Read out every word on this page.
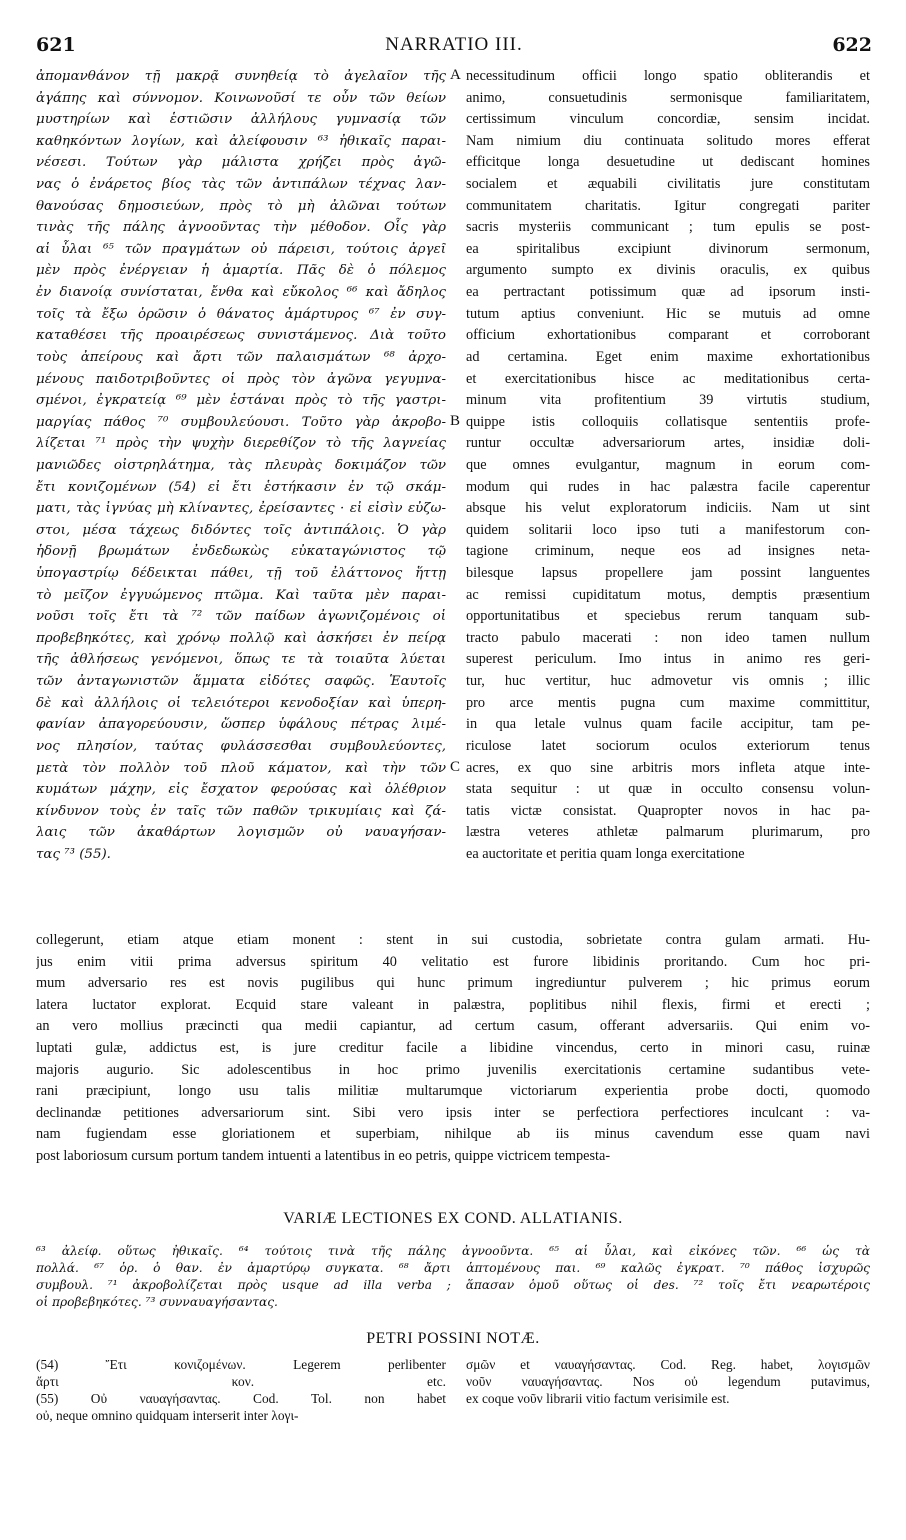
621	NARRATIO III.	622
ἀπομανθάνον τῇ μακρᾷ συνηθείᾳ τὸ ἀγελαῖον τῆς
ἀγάπης καὶ σύννομον. Κοινωνοῦσί τε οὖν τῶν θείων
μυστηρίων καὶ ἑστιῶσιν ἀλλήλους γυμνασίᾳ τῶν
καθηκόντων λογίων, καὶ ἀλείφουσιν ⁶³ ἠθικαῖς παραι-
νέσεσι. Τούτων γὰρ μάλιστα χρήζει πρὸς ἀγῶ-
νας ὁ ἐνάρετος βίος τὰς τῶν ἀντιπάλων τέχνας λαν-
θανούσας δημοσιεύων, πρὸς τὸ μὴ ἀλῶναι τούτων
τινὰς τῆς πάλης ἀγνοοῦντας τὴν μέθοδον. Οἷς γὰρ
αἱ ὗλαι ⁶⁵ τῶν πραγμάτων οὐ πάρεισι, τούτοις ἀργεῖ
μὲν πρὸς ἐνέργειαν ἡ ἁμαρτία. Πᾶς δὲ ὁ πόλεμος
ἐν διανοίᾳ συνίσταται, ἔνθα καὶ εὔκολος ⁶⁶ καὶ ἄδηλος
τοῖς τὰ ἔξω ὁρῶσιν ὁ θάνατος ἁμάρτυρος ⁶⁷ ἐν συγ-
καταθέσει τῆς προαιρέσεως συνιστάμενος. Διὰ τοῦτο
τοὺς ἀπείρους καὶ ἄρτι τῶν παλαισμάτων ⁶⁸ ἀρχο-
μένους παιδοτριβοῦντες οἱ πρὸς τὸν ἀγῶνα γεγυμνα-
σμένοι, ἐγκρατείᾳ ⁶⁹ μὲν ἑστάναι πρὸς τὸ τῆς γαστρι-
μαργίας πάθος ⁷⁰ συμβουλεύουσι. Τοῦτο γὰρ ἀκροβο-
λίζεται ⁷¹ πρὸς τὴν ψυχὴν διερεθίζον τὸ τῆς λαγνείας
μανιῶδες οἰστρηλάτημα, τὰς πλευρὰς δοκιμάζον τῶν
ἔτι κονιζομένων (54) εἰ ἔτι ἑστήκασιν ἐν τῷ σκάμ-
ματι, τὰς ἰγνύας μὴ κλίναντες, ἐρείσαντες · εἰ εἰσὶν εὐζω-
στοι, μέσα τάχεως διδόντες τοῖς ἀντιπάλοις. Ὁ γὰρ
ἡδονῇ βρωμάτων ἐνδεδωκὼς εὐκαταγώνιστος τῷ
ὑπογαστρίῳ δέδεικται πάθει, τῇ τοῦ ἐλάττονος ἥττῃ
τὸ μεῖζον ἐγγυώμενος πτῶμα. Καὶ ταῦτα μὲν παραι-
νοῦσι τοῖς ἔτι τὰ ⁷² τῶν παίδων ἀγωνιζομένοις οἱ
προβεβηκότες, καὶ χρόνῳ πολλῷ καὶ ἀσκήσει ἐν πείρᾳ
τῆς ἀθλήσεως γενόμενοι, ὅπως τε τὰ τοιαῦτα λύεται
τῶν ἀνταγωνιστῶν ἅμματα εἰδότες σαφῶς. Ἑαυτοῖς
δὲ καὶ ἀλλήλοις οἱ τελειότεροι κενοδοξίαν καὶ ὑπερη-
φανίαν ἀπαγορεύουσιν, ὥσπερ ὑφάλους πέτρας λιμέ-
νος πλησίον, ταύτας φυλάσσεσθαι συμβουλεύοντες,
μετὰ τὸν πολλὸν τοῦ πλοῦ κάματον, καὶ τὴν τῶν
κυμάτων μάχην, εἰς ἔσχατον φερούσας καὶ ὀλέθριον
κίνδυνον τοὺς ἐν ταῖς τῶν παθῶν τρικυμίαις καὶ ζά-
λαις τῶν ἀκαθάρτων λογισμῶν οὐ ναυαγήσαν-
τας ⁷³ (55).
necessitudinum officii longo spatio obliterandis et
animo, consuetudinis sermonisque familiaritatem,
certissimum vinculum concordiæ, sensim incidat.
Nam nimium diu continuata solitudo mores efferat
efficitque longa desuetudine ut dediscant homines
socialem et æquabili civilitatis jure constitutam
communitatem charitatis. Igitur congregati pariter
sacris mysteriis communicant ; tum epulis se post-
ea spiritalibus excipiunt divinorum sermonum,
argumento sumpto ex divinis oraculis, ex quibus
ea pertractant potissimum quæ ad ipsorum insti-
tutum aptius conveniunt. Hic se mutuis ad omne
officium exhortationibus comparant et corroborant
ad certamina. Eget enim maxime exhortationibus
et exercitationibus hisce ac meditationibus certa-
minum vita profitentium 39 virtutis studium,
quippe istis colloquiis collatisque sententiis profe-
runtur occultæ adversariorum artes, insidiæ doli-
que omnes evulgantur, magnum in eorum com-
modum qui rudes in hac palæstra facile caperentur
absque his velut exploratorum indiciis. Nam ut sint
quidem solitarii loco ipso tuti a manifestorum con-
tagione criminum, neque eos ad insignes neta-
bilesque lapsus propellere jam possint languentes
ac remissi cupiditatum motus, demptis præsentium
opportunitatibus et speciebus rerum tanquam sub-
tracto pabulo macerati : non ideo tamen nullum
superest periculum. Imo intus in animo res geri-
tur, huc vertitur, huc admovetur vis omnis ; illic
pro arce mentis pugna cum maxime committitur,
in qua letale vulnus quam facile accipitur, tam pe-
riculose latet sociorum oculos exteriorum tenus
acres, ex quo sine arbitris mors infleta atque inte-
stata sequitur : ut quæ in occulto consensu volun-
tatis victæ consistat. Quapropter novos in hac pa-
læstra veteres athletæ palmarum plurimarum, pro
ea auctoritate et peritia quam longa exercitatione
A
B
C
collegerunt, etiam atque etiam monent : stent in sui custodia, sobrietate contra gulam armati. Hu-
jus enim vitii prima adversus spiritum 40 velitatio est furore libidinis proritando. Cum hoc pri-
mum adversario res est novis pugilibus qui hunc primum ingrediuntur pulverem ; hic primus eorum
latera luctator explorat. Ecquid stare valeant in palæstra, poplitibus nihil flexis, firmi et erecti ;
an vero mollius præcincti qua medii capiantur, ad certum casum, offerant adversariis. Qui enim vo-
luptati gulæ, addictus est, is jure creditur facile a libidine vincendus, certo in minori casu, ruinæ
majoris augurio. Sic adolescentibus in hoc primo juvenilis exercitationis certamine sudantibus vete-
rani præcipiunt, longo usu talis militiæ multarumque victoriarum experientia probe docti, quomodo
declinandæ petitiones adversariorum sint. Sibi vero ipsis inter se perfectiora perfectiores inculcant : va-
nam fugiendam esse gloriationem et superbiam, nihilque ab iis minus cavendum esse quam navi
post laboriosum cursum portum tandem intuenti a latentibus in eo petris, quippe victricem tempesta-
VARIÆ LECTIONES EX COND. ALLATIANIS.
⁶³ ἀλείφ. οὕτως ἠθικαῖς. ⁶⁴ τούτοις τινὰ τῆς πάλης ἀγνοοῦντα. ⁶⁵ αἱ ὗλαι, καὶ εἰκόνες τῶν. ⁶⁶ ὡς τὰ
πολλά. ⁶⁷ ὁρ. ὁ θαν. ἐν ἀμαρτύρῳ συγκατα. ⁶⁸ ἄρτι ἁπτομένους παι. ⁶⁹ καλῶς ἐγκρατ. ⁷⁰ πάθος ἰσχυρῶς
συμβουλ. ⁷¹ ἀκροβολίζεται πρὸς usque ad illa verba ; ἅπασαν ὁμοῦ οὕτως οἱ des. ⁷² τοῖς ἔτι νεαρωτέροις
οἱ προβεβηκότες. ⁷³ συνναυαγήσαντας.
PETRI POSSINI NOTÆ.
(54) Ἔτι κονιζομένων. Legerem perlibenter
ἄρτι κον. etc.
(55) Οὐ ναυαγήσαντας. Cod. Tol. non habet
οὐ, neque omnino quidquam interserit inter λογι-
σμῶν et ναυαγήσαντας. Cod. Reg. habet, λογισμῶν
νοῦν ναυαγήσαντας. Nos οὐ legendum putavimus,
ex coque νοῦν librarii vitio factum verisimile est.
